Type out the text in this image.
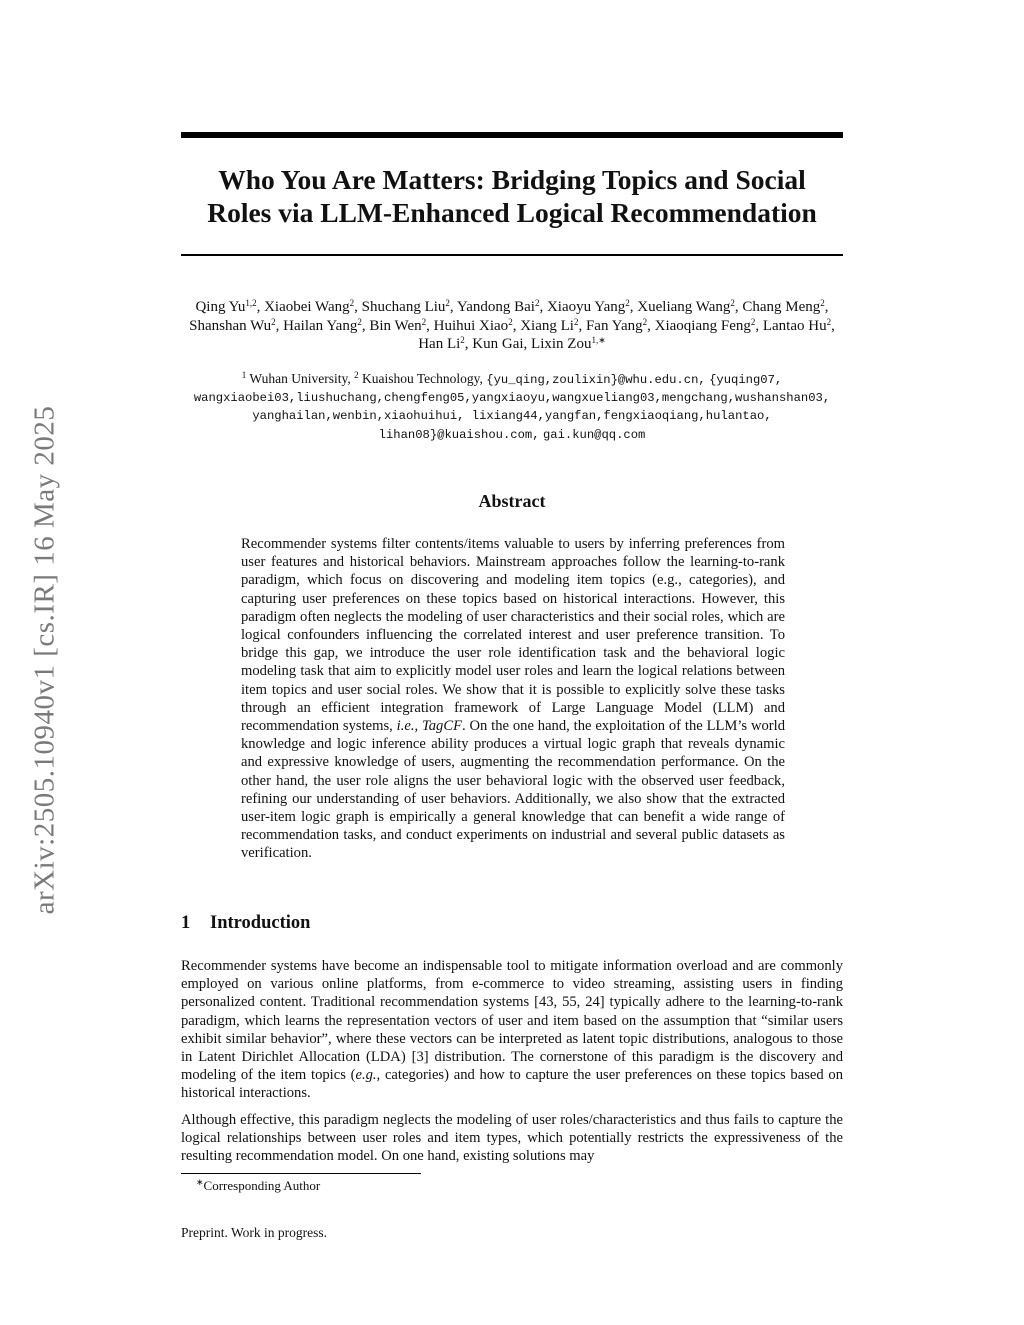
arXiv:2505.10940v1 [cs.IR] 16 May 2025
Who You Are Matters: Bridging Topics and Social
Roles via LLM-Enhanced Logical Recommendation
Qing Yu$^{1,2}$, Xiaobei Wang$^2$, Shuchang Liu$^2$, Yandong Bai$^2$, Xiaoyu Yang$^2$, Xueliang Wang$^2$, Chang Meng$^2$, Shanshan Wu$^2$, Hailan Yang$^2$, Bin Wen$^2$, Huihui Xiao$^2$, Xiang Li$^2$, Fan Yang$^2$, Xiaoqiang Feng$^2$, Lantao Hu$^2$, Han Li$^2$, Kun Gai, Lixin Zou$^{1,∗}$
$^1$ Wuhan University, $^2$ Kuaishou Technology, {yu_qing,zoulixin}@whu.edu.cn, {yuqing07,
wangxiaobei03,liushuchang,chengfeng05,yangxiaoyu,wangxueliang03,mengchang,wushanshan03,
yanghailan,wenbin,xiaohuihui, lixiang44,yangfan,fengxiaoqiang,hulantao,
lihan08}@kuaishou.com, gai.kun@qq.com
Abstract
Recommender systems filter contents/items valuable to users by inferring preferences from user features and historical behaviors. Mainstream approaches follow the learning-to-rank paradigm, which focus on discovering and modeling item topics (e.g., categories), and capturing user preferences on these topics based on historical interactions. However, this paradigm often neglects the modeling of user characteristics and their social roles, which are logical confounders influencing the correlated interest and user preference transition. To bridge this gap, we introduce the user role identification task and the behavioral logic modeling task that aim to explicitly model user roles and learn the logical relations between item topics and user social roles. We show that it is possible to explicitly solve these tasks through an efficient integration framework of Large Language Model (LLM) and recommendation systems, i.e., TagCF. On the one hand, the exploitation of the LLM’s world knowledge and logic inference ability produces a virtual logic graph that reveals dynamic and expressive knowledge of users, augmenting the recommendation performance. On the other hand, the user role aligns the user behavioral logic with the observed user feedback, refining our understanding of user behaviors. Additionally, we also show that the extracted user-item logic graph is empirically a general knowledge that can benefit a wide range of recommendation tasks, and conduct experiments on industrial and several public datasets as verification.
1 Introduction
Recommender systems have become an indispensable tool to mitigate information overload and are commonly employed on various online platforms, from e-commerce to video streaming, assisting users in finding personalized content. Traditional recommendation systems [43, 55, 24] typically adhere to the learning-to-rank paradigm, which learns the representation vectors of user and item based on the assumption that “similar users exhibit similar behavior”, where these vectors can be interpreted as latent topic distributions, analogous to those in Latent Dirichlet Allocation (LDA) [3] distribution. The cornerstone of this paradigm is the discovery and modeling of the item topics (e.g., categories) and how to capture the user preferences on these topics based on historical interactions.
Although effective, this paradigm neglects the modeling of user roles/characteristics and thus fails to capture the logical relationships between user roles and item types, which potentially restricts the expressiveness of the resulting recommendation model. On one hand, existing solutions may
∗Corresponding Author
Preprint. Work in progress.
